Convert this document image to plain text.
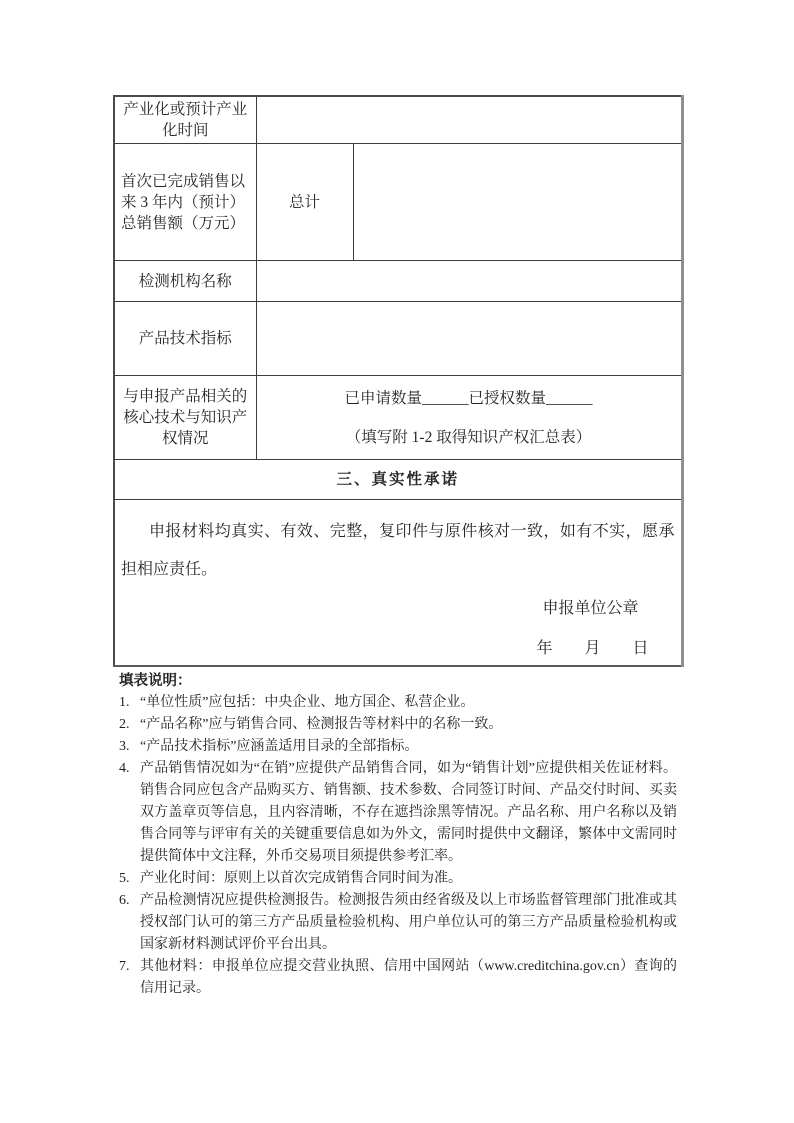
产业化或预计产业化时间		
首次已完成销售以来 3 年内（预计）总销售额（万元）	总计	
检测机构名称		
产品技术指标		
与申报产品相关的核心技术与知识产权情况	已申请数量______已授权数量______
（填写附 1-2 取得知识产权汇总表）	

三、真实性承诺		

申报材料均真实、有效、完整，复印件与原件核对一致，如有不实，愿承担相应责任。

申报单位公章
年　　月　　日		

填表说明：

1. “单位性质”应包括：中央企业、地方国企、私营企业。
2. “产品名称”应与销售合同、检测报告等材料中的名称一致。
3. “产品技术指标”应涵盖适用目录的全部指标。
4. 产品销售情况如为“在销”应提供产品销售合同，如为“销售计划”应提供相关佐证材料。销售合同应包含产品购买方、销售额、技术参数、合同签订时间、产品交付时间、买卖双方盖章页等信息，且内容清晰，不存在遮挡涂黑等情况。产品名称、用户名称以及销售合同等与评审有关的关键重要信息如为外文，需同时提供中文翻译，繁体中文需同时提供简体中文注释，外币交易项目须提供参考汇率。
5. 产业化时间：原则上以首次完成销售合同时间为准。
6. 产品检测情况应提供检测报告。检测报告须由经省级及以上市场监督管理部门批准或其授权部门认可的第三方产品质量检验机构、用户单位认可的第三方产品质量检验机构或国家新材料测试评价平台出具。
7. 其他材料：申报单位应提交营业执照、信用中国网站（www.creditchina.gov.cn）查询的信用记录。
